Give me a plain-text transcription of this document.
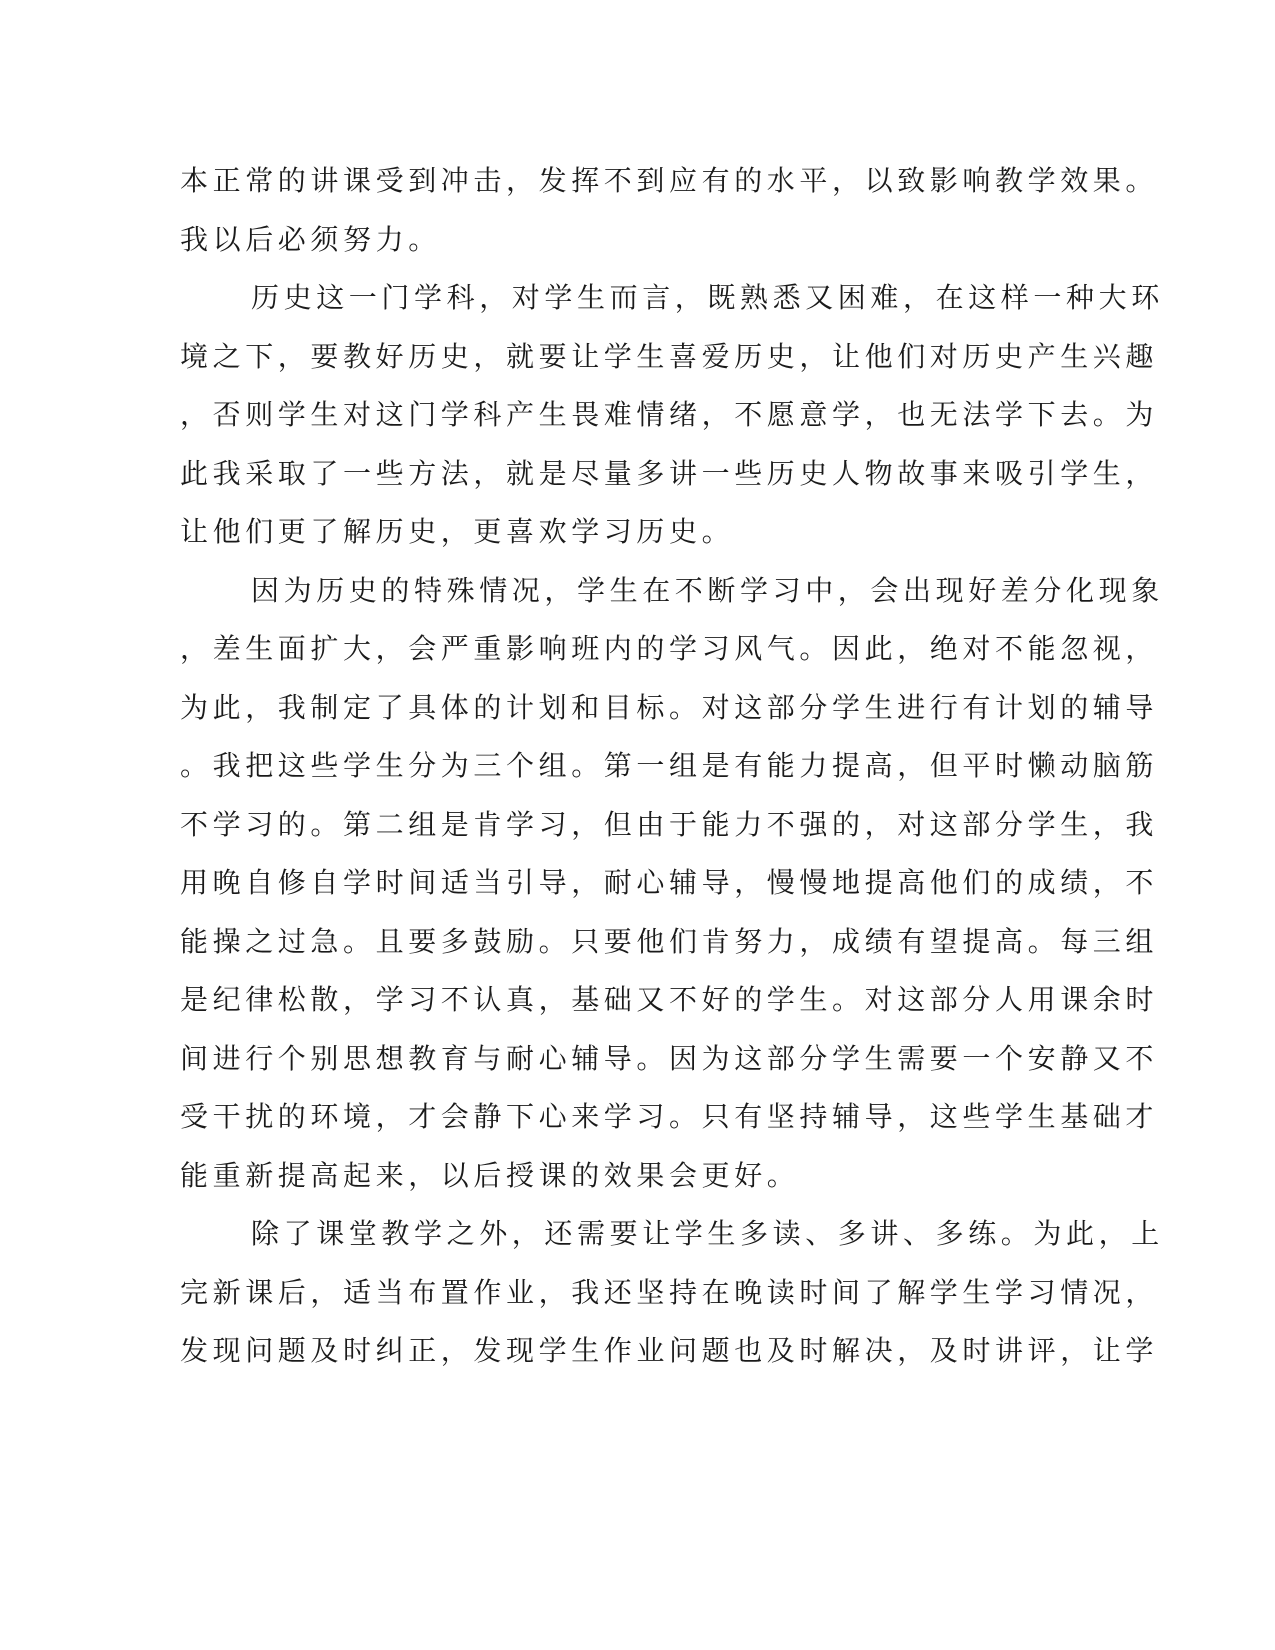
本正常的讲课受到冲击，发挥不到应有的水平，以致影响教学效果。
我以后必须努力。
历史这一门学科，对学生而言，既熟悉又困难，在这样一种大环
境之下，要教好历史，就要让学生喜爱历史，让他们对历史产生兴趣
，否则学生对这门学科产生畏难情绪，不愿意学，也无法学下去。为
此我采取了一些方法，就是尽量多讲一些历史人物故事来吸引学生，
让他们更了解历史，更喜欢学习历史。
因为历史的特殊情况，学生在不断学习中，会出现好差分化现象
，差生面扩大，会严重影响班内的学习风气。因此，绝对不能忽视，
为此，我制定了具体的计划和目标。对这部分学生进行有计划的辅导
。我把这些学生分为三个组。第一组是有能力提高，但平时懒动脑筋
不学习的。第二组是肯学习，但由于能力不强的，对这部分学生，我
用晚自修自学时间适当引导，耐心辅导，慢慢地提高他们的成绩，不
能操之过急。且要多鼓励。只要他们肯努力，成绩有望提高。每三组
是纪律松散，学习不认真，基础又不好的学生。对这部分人用课余时
间进行个别思想教育与耐心辅导。因为这部分学生需要一个安静又不
受干扰的环境，才会静下心来学习。只有坚持辅导，这些学生基础才
能重新提高起来，以后授课的效果会更好。
除了课堂教学之外，还需要让学生多读、多讲、多练。为此，上
完新课后，适当布置作业，我还坚持在晚读时间了解学生学习情况，
发现问题及时纠正，发现学生作业问题也及时解决，及时讲评，让学
